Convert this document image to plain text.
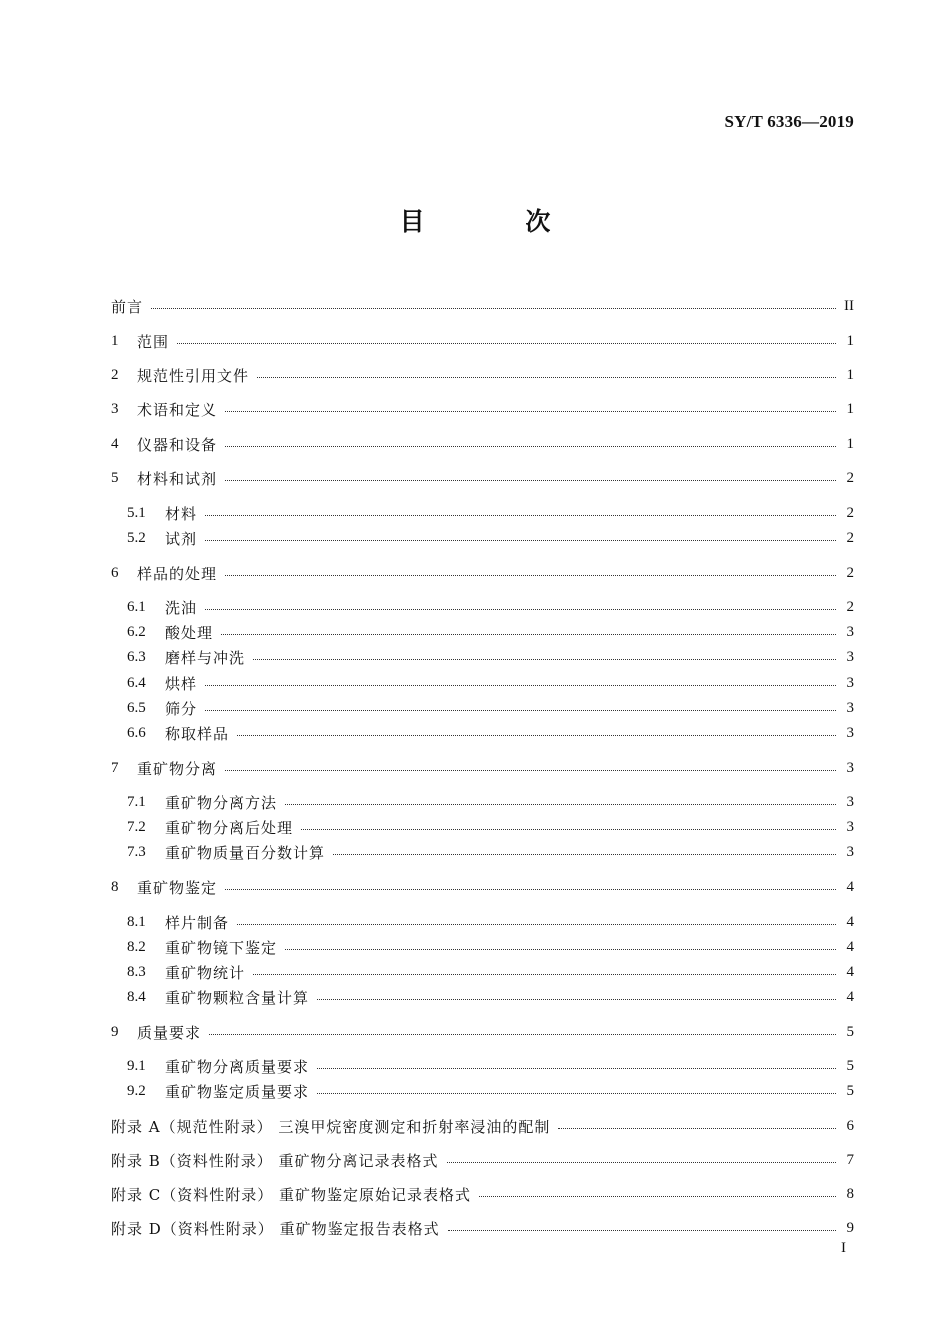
SY/T 6336—2019
目 次
前言	II
1	范围	1
2	规范性引用文件	1
3	术语和定义	1
4	仪器和设备	1
5	材料和试剂	2
5.1	材料	2
5.2	试剂	2
6	样品的处理	2
6.1	洗油	2
6.2	酸处理	3
6.3	磨样与冲洗	3
6.4	烘样	3
6.5	筛分	3
6.6	称取样品	3
7	重矿物分离	3
7.1	重矿物分离方法	3
7.2	重矿物分离后处理	3
7.3	重矿物质量百分数计算	3
8	重矿物鉴定	4
8.1	样片制备	4
8.2	重矿物镜下鉴定	4
8.3	重矿物统计	4
8.4	重矿物颗粒含量计算	4
9	质量要求	5
9.1	重矿物分离质量要求	5
9.2	重矿物鉴定质量要求	5
附录 A（规范性附录） 三溴甲烷密度测定和折射率浸油的配制	6
附录 B（资料性附录） 重矿物分离记录表格式	7
附录 C（资料性附录） 重矿物鉴定原始记录表格式	8
附录 D（资料性附录） 重矿物鉴定报告表格式	9
I
